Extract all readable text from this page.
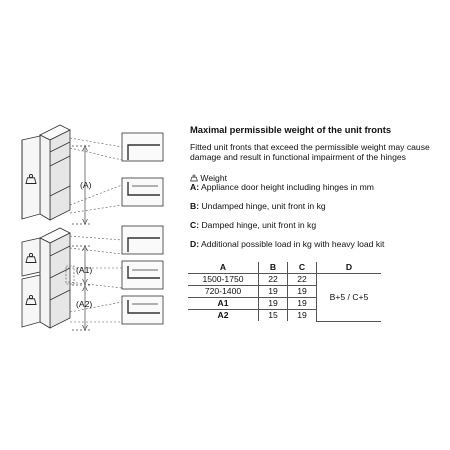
(A)
(A1)
(A2)
Maximal permissible weight of the unit fronts
Fitted unit fronts that exceed the permissible weight may cause damage and result in functional impairment of the hinges
Weight
A: Appliance door height including hinges in mm
B: Undamped hinge, unit front in kg
C: Damped hinge, unit front in kg
D: Additional possible load in kg with heavy load kit
A	B	C	D
1500-1750	22	22	B+5 / C+5
720-1400	19	19	
A1	19	19	
A2	15	19	
